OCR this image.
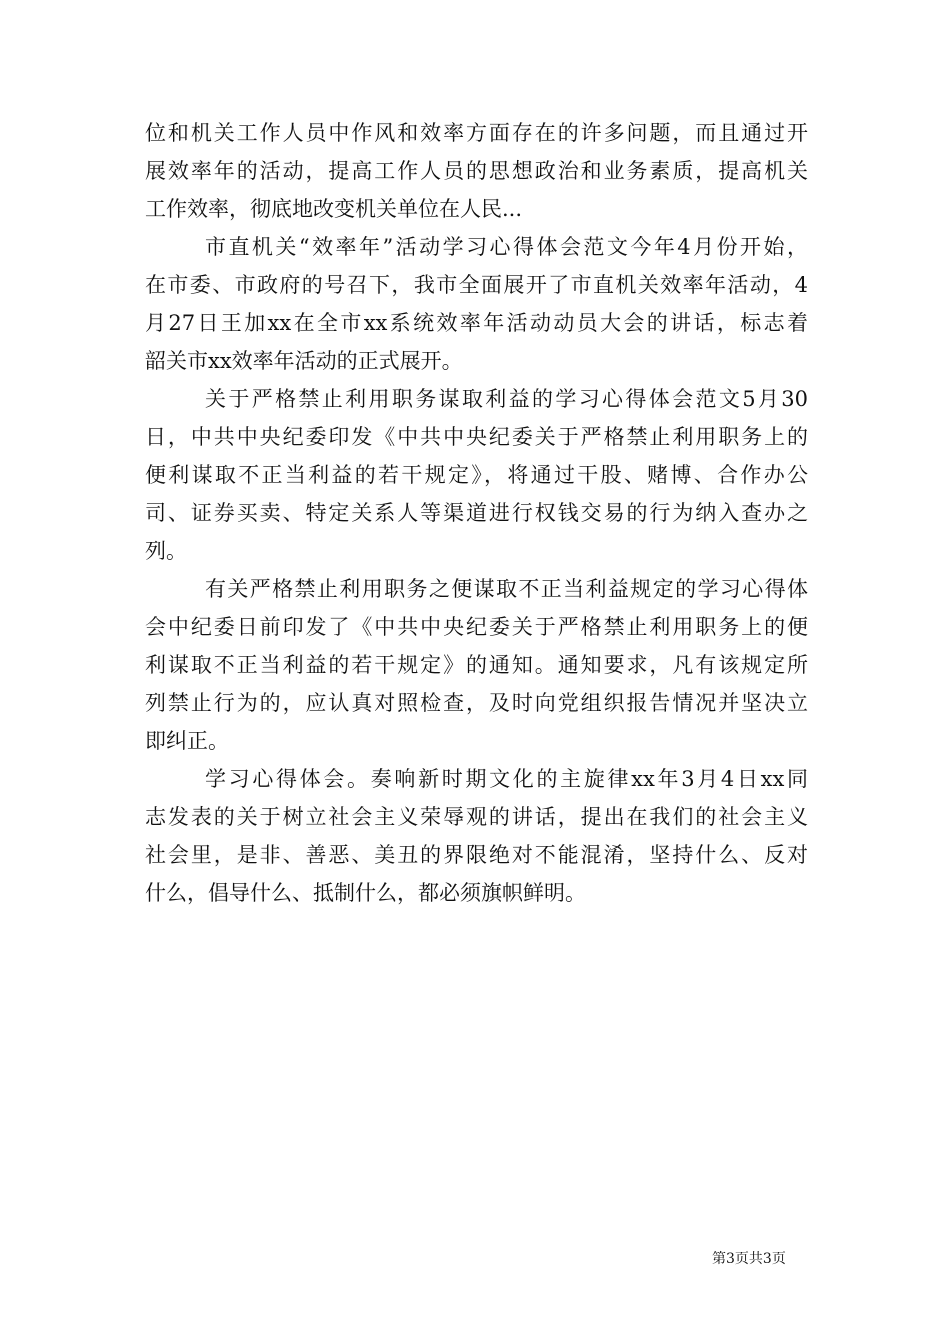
位和机关工作人员中作风和效率方面存在的许多问题，而且通过开
展效率年的活动，提高工作人员的思想政治和业务素质，提高机关
工作效率，彻底地改变机关单位在人民...
市直机关“效率年”活动学习心得体会范文今年4月份开始，
在市委、市政府的号召下，我市全面展开了市直机关效率年活动，4
月27日王加xx在全市xx系统效率年活动动员大会的讲话，标志着
韶关市xx效率年活动的正式展开。
关于严格禁止利用职务谋取利益的学习心得体会范文5月30
日，中共中央纪委印发《中共中央纪委关于严格禁止利用职务上的
便利谋取不正当利益的若干规定》，将通过干股、赌博、合作办公
司、证券买卖、特定关系人等渠道进行权钱交易的行为纳入查办之
列。
有关严格禁止利用职务之便谋取不正当利益规定的学习心得体
会中纪委日前印发了《中共中央纪委关于严格禁止利用职务上的便
利谋取不正当利益的若干规定》的通知。通知要求，凡有该规定所
列禁止行为的，应认真对照检查，及时向党组织报告情况并坚决立
即纠正。
学习心得体会。奏响新时期文化的主旋律xx年3月4日xx同
志发表的关于树立社会主义荣辱观的讲话，提出在我们的社会主义
社会里，是非、善恶、美丑的界限绝对不能混淆，坚持什么、反对
什么，倡导什么、抵制什么，都必须旗帜鲜明。
第3页共3页
